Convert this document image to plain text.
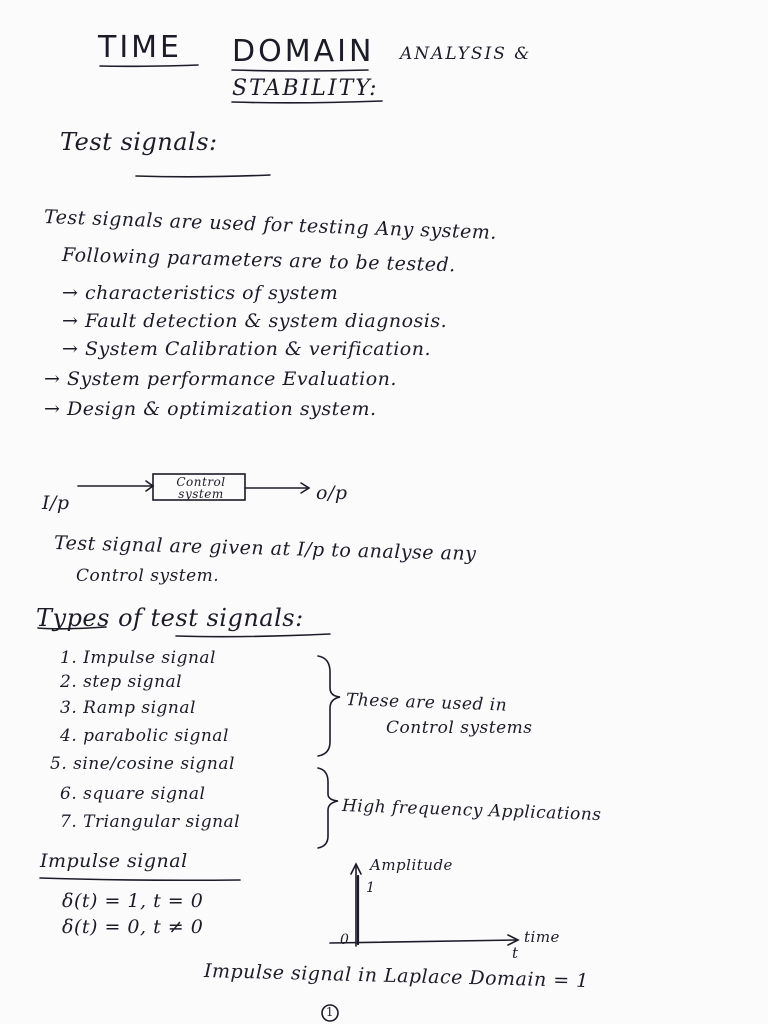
TIME DOMAIN ANALYSIS &
STABILITY:
Test signals:
Test signals are used for testing Any system.
Following parameters are to be tested.
→ characteristics of system
→ Fault detection & system diagnosis.
→ System Calibration & verification.
→ System performance Evaluation.
→ Design & optimization system.
Control system
I/p	o/p
Test signal are given at I/p to analyse any
Control system.
Types of test signals:
1. Impulse signal
2. step signal
3. Ramp signal
4. parabolic signal
5. sine/cosine signal
6. square signal
7. Triangular signal
These are used in
Control systems
High frequency Applications
Impulse signal
δ(t) = 1, t = 0
δ(t) = 0, t ≠ 0
Amplitude
1
0	time
t
Impulse signal in Laplace Domain = 1
1
